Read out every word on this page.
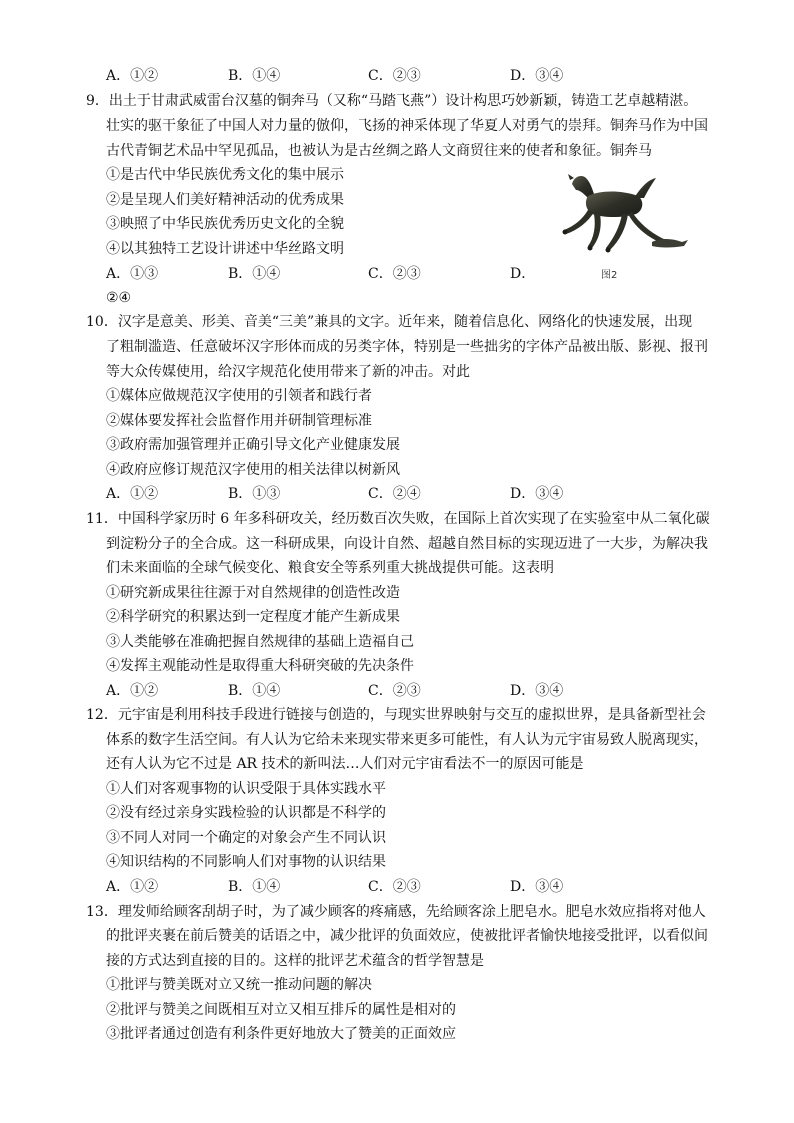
A．①②	B．①④	C．②③	D．③④
9．出土于甘肃武威雷台汉墓的铜奔马（又称“马踏飞燕”）设计构思巧妙新颖，铸造工艺卓越精湛。
壮实的驱干象征了中国人对力量的倣仰，飞扬的神采体现了华夏人对勇气的崇拜。铜奔马作为中国
古代青铜艺术品中罕见孤品，也被认为是古丝绸之路人文商贸往来的使者和象征。铜奔马
①是古代中华民族优秀文化的集中展示
②是呈现人们美好精神活动的优秀成果
③映照了中华民族优秀历史文化的全貌
④以其独特工艺设计讲述中华丝路文明
A．①③	B．①④	C．②③	D．
②④
图2
10．汉字是意美、形美、音美“三美”兼具的文字。近年来，随着信息化、网络化的快速发展，出现
了粗制滥造、任意破坏汉字形体而成的另类字体，特别是一些拙劣的字体产品被出版、影视、报刊
等大众传媒使用，给汉字规范化使用带来了新的冲击。对此
①媒体应做规范汉字使用的引领者和践行者
②媒体要发挥社会监督作用并研制管理标准
③政府需加强管理并正确引导文化产业健康发展
④政府应修订规范汉字使用的相关法律以树新风
A．①②	B．①③	C．②④	D．③④
11．中国科学家历时 6 年多科研攻关，经历数百次失败，在国际上首次实现了在实验室中从二氧化碳
到淀粉分子的全合成。这一科研成果，向设计自然、超越自然目标的实现迈进了一大步，为解决我
们未来面临的全球气候变化、粮食安全等系列重大挑战提供可能。这表明
①研究新成果往往源于对自然规律的创造性改造
②科学研究的积累达到一定程度才能产生新成果
③人类能够在准确把握自然规律的基础上造福自己
④发挥主观能动性是取得重大科研突破的先决条件
A．①②	B．①④	C．②③	D．③④
12．元宇宙是利用科技手段进行链接与创造的，与现实世界映射与交互的虚拟世界，是具备新型社会
体系的数字生活空间。有人认为它给未来现实带来更多可能性，有人认为元宇宙易致人脱离现实，
还有人认为它不过是 AR 技术的新叫法…人们对元宇宙看法不一的原因可能是
①人们对客观事物的认识受限于具体实践水平
②没有经过亲身实践检验的认识都是不科学的
③不同人对同一个确定的对象会产生不同认识
④知识结构的不同影响人们对事物的认识结果
A．①②	B．①④	C．②③	D．③④
13．理发师给顾客刮胡子时，为了减少顾客的疼痛感，先给顾客涂上肥皂水。肥皂水效应指将对他人
的批评夹裹在前后赞美的话语之中，减少批评的负面效应，使被批评者愉快地接受批评，以看似间
接的方式达到直接的目的。这样的批评艺术蕴含的哲学智慧是
①批评与赞美既对立又统一推动问题的解决
②批评与赞美之间既相互对立又相互排斥的属性是相对的
③批评者通过创造有利条件更好地放大了赞美的正面效应
